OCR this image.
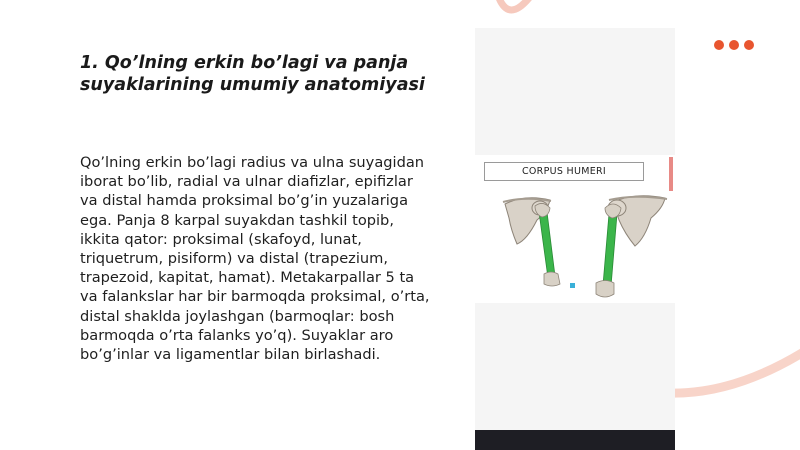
1. Qo’lning erkin bo’lagi va panja suyaklarining umumiy anatomiyasi

Qo’lning erkin bo’lagi radius va ulna suyagidan iborat bo’lib, radial va ulnar diafizlar, epifizlar va distal hamda proksimal bo’g’in yuzalariga ega. Panja 8 karpal suyakdan tashkil topib, ikkita qator: proksimal (skafoyd, lunat, triquetrum, pisiform) va distal (trapezium, trapezoid, kapitat, hamat). Metakarpallar 5 ta va falankslar har bir barmoqda proksimal, o’rta, distal shaklda joylashgan (barmoqlar: bosh barmoqda o’rta falanks yo’q). Suyaklar aro bo’g’inlar va ligamentlar bilan birlashadi.

CORPUS HUMERI
